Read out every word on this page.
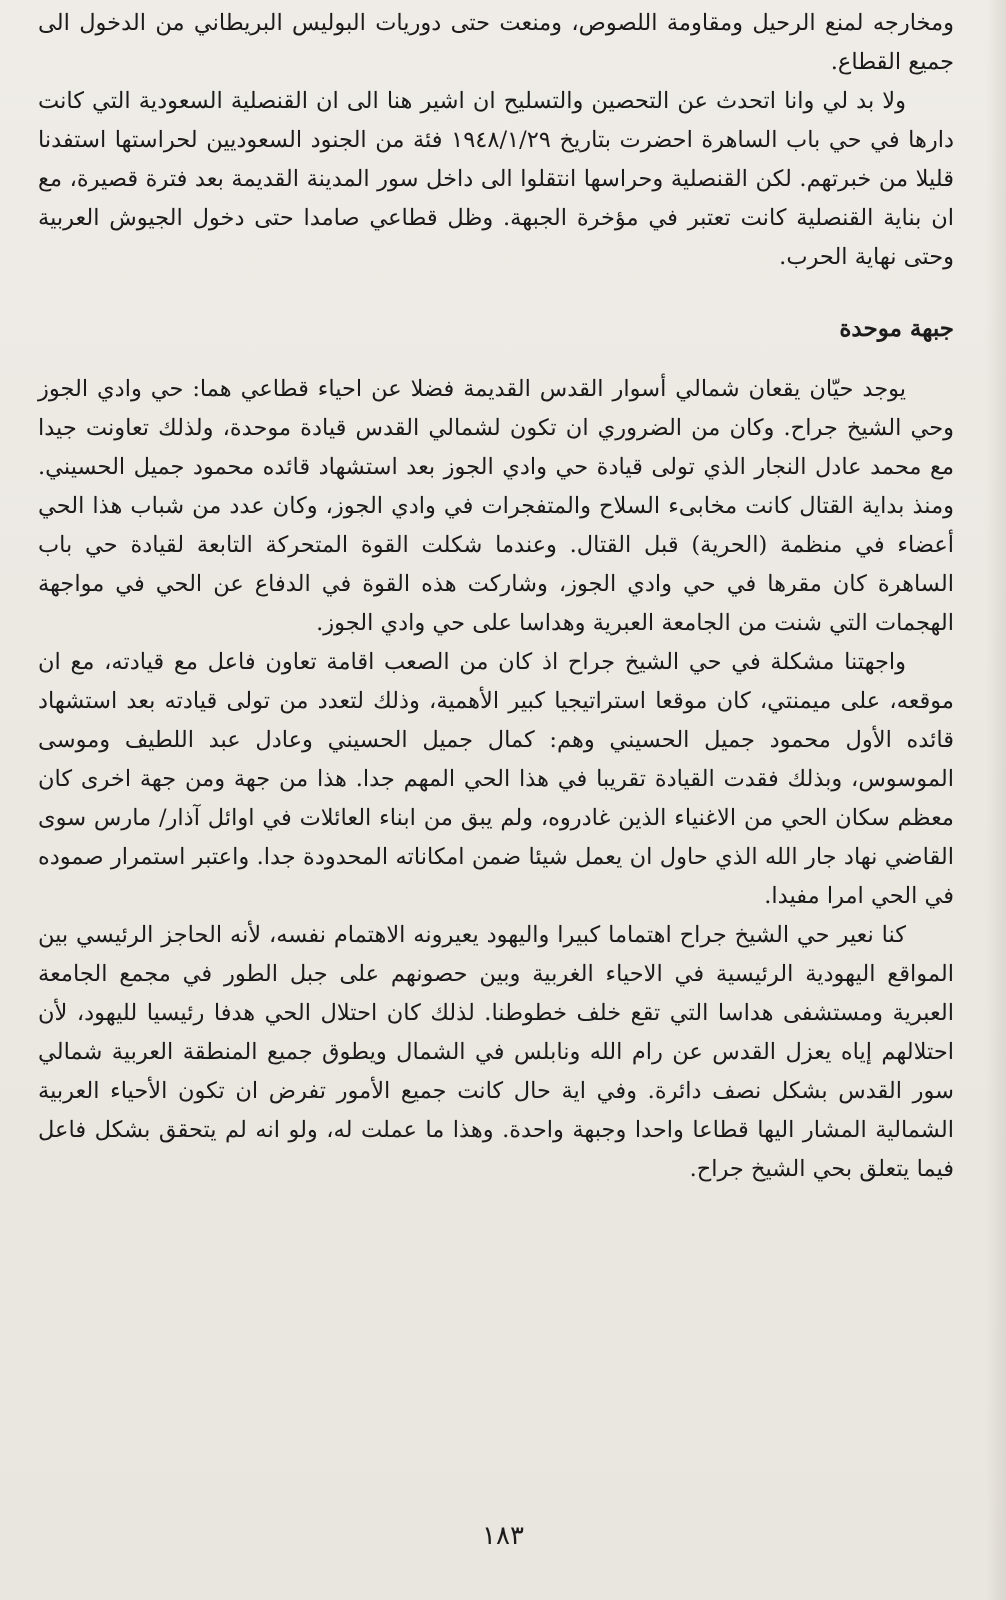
ومخارجه لمنع الرحيل ومقاومة اللصوص، ومنعت حتى دوريات البوليس البريطاني من الدخول الى جميع القطاع.

ولا بد لي وانا اتحدث عن التحصين والتسليح ان اشير هنا الى ان القنصلية السعودية التي كانت دارها في حي باب الساهرة احضرت بتاريخ ١٩٤٨/١/٢٩ فئة من الجنود السعوديين لحراستها استفدنا قليلا من خبرتهم. لكن القنصلية وحراسها انتقلوا الى داخل سور المدينة القديمة بعد فترة قصيرة، مع ان بناية القنصلية كانت تعتبر في مؤخرة الجبهة. وظل قطاعي صامدا حتى دخول الجيوش العربية وحتى نهاية الحرب.

جبهة موحدة

يوجد حيّان يقعان شمالي أسوار القدس القديمة فضلا عن احياء قطاعي هما: حي وادي الجوز وحي الشيخ جراح. وكان من الضروري ان تكون لشمالي القدس قيادة موحدة، ولذلك تعاونت جيدا مع محمد عادل النجار الذي تولى قيادة حي وادي الجوز بعد استشهاد قائده محمود جميل الحسيني. ومنذ بداية القتال كانت مخابىء السلاح والمتفجرات في وادي الجوز، وكان عدد من شباب هذا الحي أعضاء في منظمة (الحرية) قبل القتال. وعندما شكلت القوة المتحركة التابعة لقيادة حي باب الساهرة كان مقرها في حي وادي الجوز، وشاركت هذه القوة في الدفاع عن الحي في مواجهة الهجمات التي شنت من الجامعة العبرية وهداسا على حي وادي الجوز.

واجهتنا مشكلة في حي الشيخ جراح اذ كان من الصعب اقامة تعاون فاعل مع قيادته، مع ان موقعه، على ميمنتي، كان موقعا استراتيجيا كبير الأهمية، وذلك لتعدد من تولى قيادته بعد استشهاد قائده الأول محمود جميل الحسيني وهم: كمال جميل الحسيني وعادل عبد اللطيف وموسى الموسوس، وبذلك فقدت القيادة تقريبا في هذا الحي المهم جدا. هذا من جهة ومن جهة اخرى كان معظم سكان الحي من الاغنياء الذين غادروه، ولم يبق من ابناء العائلات في اوائل آذار/ مارس سوى القاضي نهاد جار الله الذي حاول ان يعمل شيئا ضمن امكاناته المحدودة جدا. واعتبر استمرار صموده في الحي امرا مفيدا.

كنا نعير حي الشيخ جراح اهتماما كبيرا واليهود يعيرونه الاهتمام نفسه، لأنه الحاجز الرئيسي بين المواقع اليهودية الرئيسية في الاحياء الغربية وبين حصونهم على جبل الطور في مجمع الجامعة العبرية ومستشفى هداسا التي تقع خلف خطوطنا. لذلك كان احتلال الحي هدفا رئيسيا لليهود، لأن احتلالهم إياه يعزل القدس عن رام الله ونابلس في الشمال ويطوق جميع المنطقة العربية شمالي سور القدس بشكل نصف دائرة. وفي اية حال كانت جميع الأمور تفرض ان تكون الأحياء العربية الشمالية المشار اليها قطاعا واحدا وجبهة واحدة. وهذا ما عملت له، ولو انه لم يتحقق بشكل فاعل فيما يتعلق بحي الشيخ جراح.

١٨٣
